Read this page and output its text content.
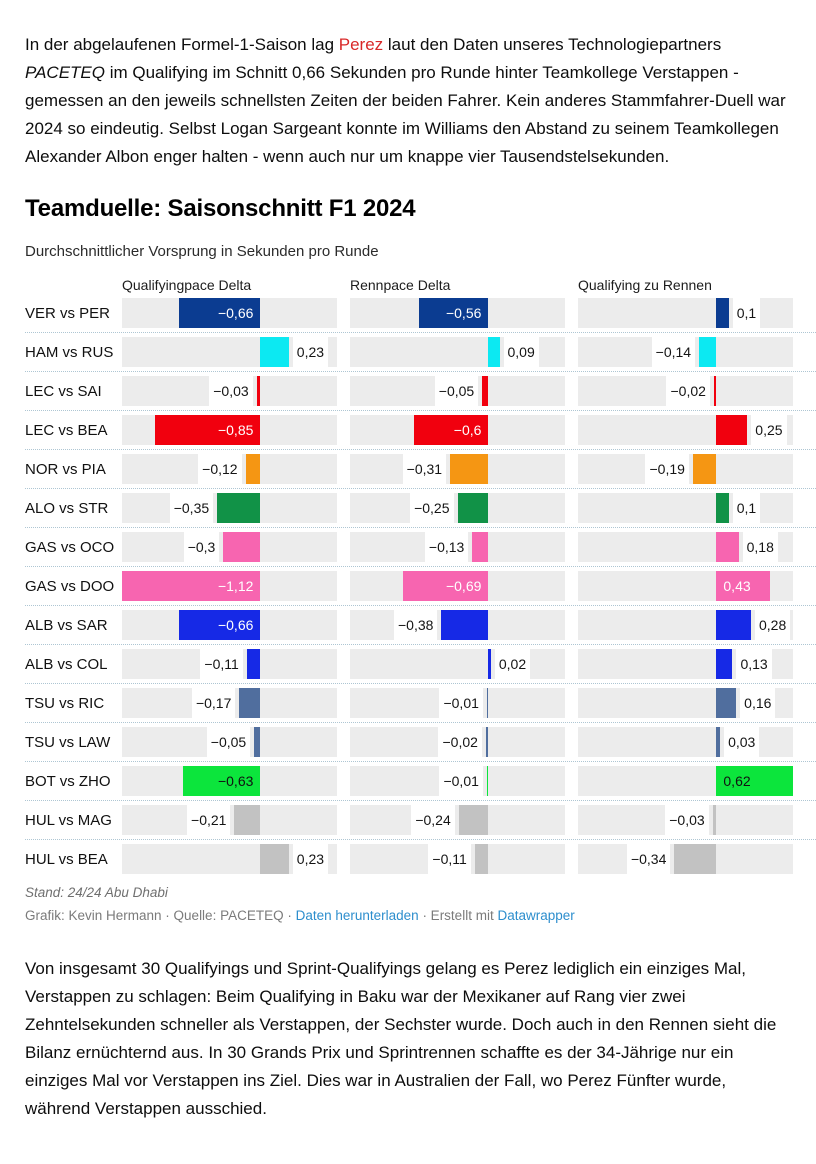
In der abgelaufenen Formel-1-Saison lag Perez laut den Daten unseres Technologiepartners PACETEQ im Qualifying im Schnitt 0,66 Sekunden pro Runde hinter Teamkollege Verstappen - gemessen an den jeweils schnellsten Zeiten der beiden Fahrer. Kein anderes Stammfahrer-Duell war 2024 so eindeutig. Selbst Logan Sargeant konnte im Williams den Abstand zu seinem Teamkollegen Alexander Albon enger halten - wenn auch nur um knappe vier Tausendstelsekunden.

Teamduelle: Saisonschnitt F1 2024
Durchschnittlicher Vorsprung in Sekunden pro Runde
Qualifyingpace Delta	Rennpace Delta	Qualifying zu Rennen
VER vs PER	−0,66	−0,56	0,1
HAM vs RUS	0,23	0,09	−0,14
LEC vs SAI	−0,03	−0,05	−0,02
LEC vs BEA	−0,85	−0,6	0,25
NOR vs PIA	−0,12	−0,31	−0,19
ALO vs STR	−0,35	−0,25	0,1
GAS vs OCO	−0,3	−0,13	0,18
GAS vs DOO	−1,12	−0,69	0,43
ALB vs SAR	−0,66	−0,38	0,28
ALB vs COL	−0,11	0,02	0,13
TSU vs RIC	−0,17	−0,01	0,16
TSU vs LAW	−0,05	−0,02	0,03
BOT vs ZHO	−0,63	−0,01	0,62
HUL vs MAG	−0,21	−0,24	−0,03
HUL vs BEA	0,23	−0,11	−0,34
Stand: 24/24 Abu Dhabi

Grafik: Kevin Hermann · Quelle: PACETEQ · Daten herunterladen · Erstellt mit Datawrapper

Von insgesamt 30 Qualifyings und Sprint-Qualifyings gelang es Perez lediglich ein einziges Mal, Verstappen zu schlagen: Beim Qualifying in Baku war der Mexikaner auf Rang vier zwei Zehntelsekunden schneller als Verstappen, der Sechster wurde. Doch auch in den Rennen sieht die Bilanz ernüchternd aus. In 30 Grands Prix und Sprintrennen schaffte es der 34-Jährige nur ein einziges Mal vor Verstappen ins Ziel. Dies war in Australien der Fall, wo Perez Fünfter wurde, während Verstappen ausschied.
